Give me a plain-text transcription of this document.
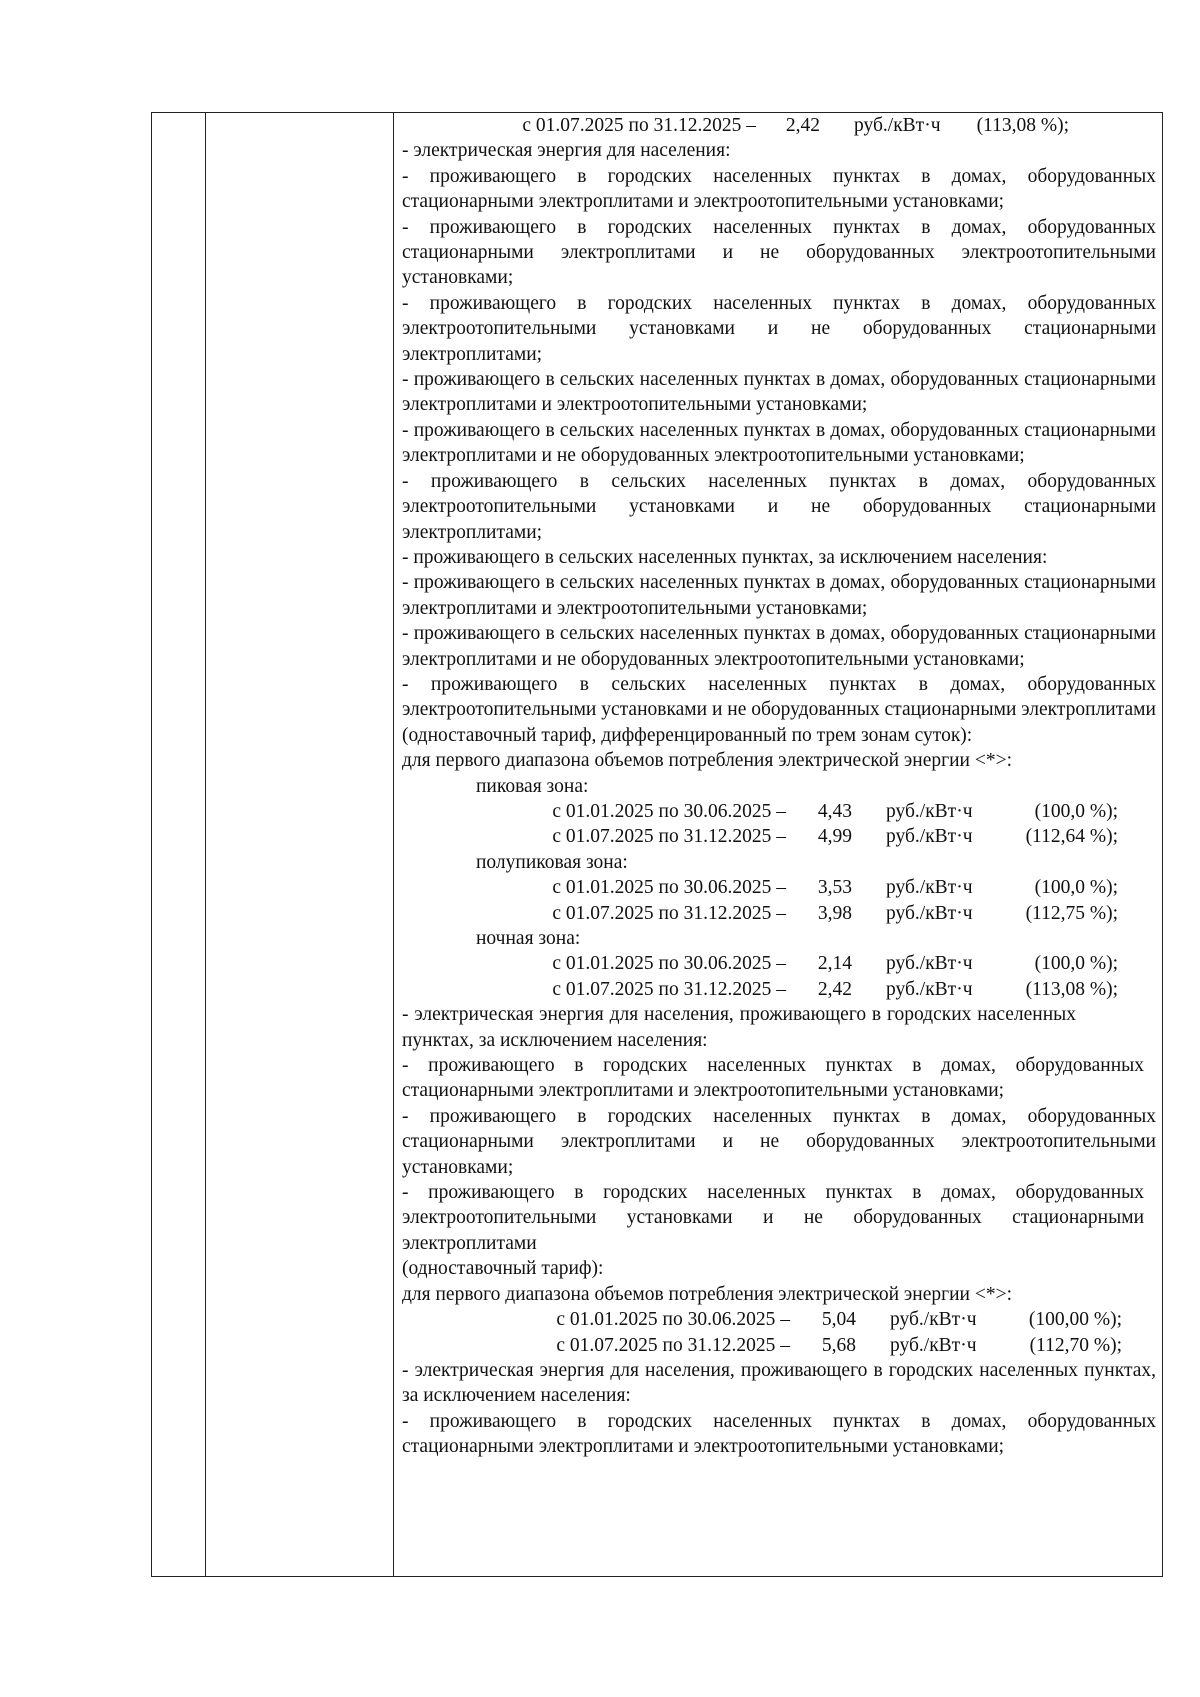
с 01.07.2025 по 31.12.2025 –	2,42	руб./кВт·ч	(113,08 %);

- электрическая энергия для населения:

- проживающего в городских населенных пунктах в домах, оборудованных стационарными электроплитами и электроотопительными установками;

- проживающего в городских населенных пунктах в домах, оборудованных стационарными электроплитами и не оборудованных электроотопительными установками;

- проживающего в городских населенных пунктах в домах, оборудованных электроотопительными установками и не оборудованных стационарными электроплитами;

- проживающего в сельских населенных пунктах в домах, оборудованных стационарными электроплитами и электроотопительными установками;

- проживающего в сельских населенных пунктах в домах, оборудованных стационарными электроплитами и не оборудованных электроотопительными установками;

- проживающего в сельских населенных пунктах в домах, оборудованных электроотопительными установками и не оборудованных стационарными электроплитами;

- проживающего в сельских населенных пунктах, за исключением населения:

- проживающего в сельских населенных пунктах в домах, оборудованных стационарными электроплитами и электроотопительными установками;

- проживающего в сельских населенных пунктах в домах, оборудованных стационарными электроплитами и не оборудованных электроотопительными установками;

- проживающего в сельских населенных пунктах в домах, оборудованных электроотопительными установками и не оборудованных стационарными электроплитами

(одноставочный тариф, дифференцированный по трем зонам суток):

для первого диапазона объемов потребления электрической энергии <*>:

пиковая зона:

с 01.01.2025 по 30.06.2025 –	4,43	руб./кВт·ч	(100,0 %);
с 01.07.2025 по 31.12.2025 –	4,99	руб./кВт·ч	(112,64 %);

полупиковая зона:

с 01.01.2025 по 30.06.2025 –	3,53	руб./кВт·ч	(100,0 %);
с 01.07.2025 по 31.12.2025 –	3,98	руб./кВт·ч	(112,75 %);

ночная зона:

с 01.01.2025 по 30.06.2025 –	2,14	руб./кВт·ч	(100,0 %);
с 01.07.2025 по 31.12.2025 –	2,42	руб./кВт·ч	(113,08 %);

- электрическая энергия для населения, проживающего в городских населенных пунктах, за исключением населения:

- проживающего в городских населенных пунктах в домах, оборудованных стационарными электроплитами и электроотопительными установками;

- проживающего в городских населенных пунктах в домах, оборудованных стационарными электроплитами и не оборудованных электроотопительными установками;

- проживающего в городских населенных пунктах в домах, оборудованных электроотопительными установками и не оборудованных стационарными электроплитами

(одноставочный тариф):

для первого диапазона объемов потребления электрической энергии <*>:

с 01.01.2025 по 30.06.2025 –	5,04	руб./кВт·ч	(100,00 %);
с 01.07.2025 по 31.12.2025 –	5,68	руб./кВт·ч	(112,70 %);

- электрическая энергия для населения, проживающего в городских населенных пунктах, за исключением населения:

- проживающего в городских населенных пунктах в домах, оборудованных стационарными электроплитами и электроотопительными установками;
